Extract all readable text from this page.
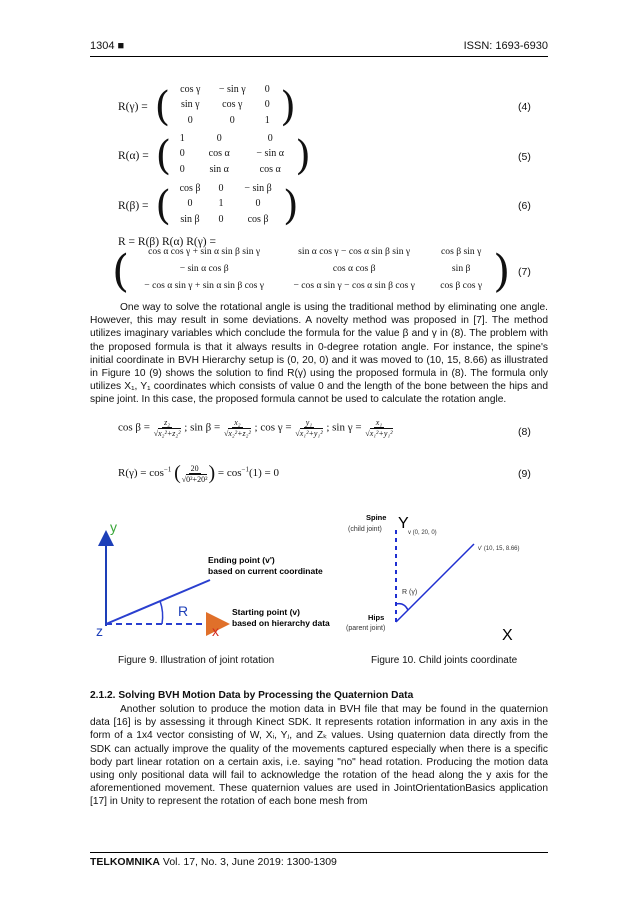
1304 ■	ISSN: 1693-6930
R(γ) = ( cos γ	− sin γ	0
sin γ	cos γ	0
0	0	1 )	(4)
R(α) = ( 1	0	0
0	cos α	− sin α
0	sin α	cos α )	(5)
R(β) = ( cos β	0	− sin β
0	1	0
sin β	0	cos β )	(6)
R = R(β) R(α) R(γ) =
(	cos α cos γ + sin α sin β sin γ	sin α cos γ − cos α sin β sin γ	cos β sin γ
− sin α cos β	cos α cos β	sin β
− cos α sin γ + sin α sin β cos γ	− cos α sin γ − cos α sin β cos γ	cos β cos γ ) (7)
One way to solve the rotational angle is using the traditional method by eliminating one angle. However, this may result in some deviations. A novelty method was proposed in [7]. The method utilizes imaginary variables which conclude the formula for the value β and γ in (8). The problem with the proposed formula is that it always results in 0-degree rotation angle. For instance, the spine's initial coordinate in BVH Hierarchy setup is (0, 20, 0) and it was moved to (10, 15, 8.66) as illustrated in Figure 10 (9) shows the solution to find R(γ) using the proposed formula in (8). The formula only utilizes X₁, Y₁ coordinates which consists of value 0 and the length of the bone between the hips and spine joint. In this case, the proposed formula cannot be used to calculate the rotation angle.
$\cos \beta = \frac{\text{z₂}}{\text{√x₂²+z₂²}}$ ; $\sin \beta = \frac{\text{x₂}}{\text{√x₂²+z₂²}}$ ; $\cos \gamma = \frac{\text{y₁}}{\text{√x₁²+y₁²}}$ ; $\sin \gamma = \frac{\text{x₁}}{\text{√x₁²+y₁²}}$	(8)
$R(\gamma) = \cos^{-1}$ ( $\frac{20}{\text{√0²+20²}}$ ) = $\cos^{-1}(1) = 0$	(9)
y
z	x
R
Ending point (v')
based on current coordinate
Starting point (v)
based on hierarchy data
Figure 9. Illustration of joint rotation
Spine
(child joint) Y
v (0, 20, 0)
v' (10, 15, 8.66)
R (γ)
Hips
(parent joint)	X
Figure 10. Child joints coordinate
2.1.2. Solving BVH Motion Data by Processing the Quaternion Data
Another solution to produce the motion data in BVH file that may be found in the quaternion data [16] is by assessing it through Kinect SDK. It represents rotation information in any axis in the form of a 1x4 vector consisting of W, Xᵢ, Yⱼ, and Zₖ values. Using quaternion data directly from the SDK can actually improve the quality of the movements captured especially when there is a specific body part linear rotation on a certain axis, i.e. saying "no" head rotation. Producing the motion data using only positional data will fail to acknowledge the rotation of the head along the y axis for the aforementioned movement. These quaternion values are used in JointOrientationBasics application [17] in Unity to represent the rotation of each bone mesh from
TELKOMNIKA Vol. 17, No. 3, June 2019: 1300-1309
